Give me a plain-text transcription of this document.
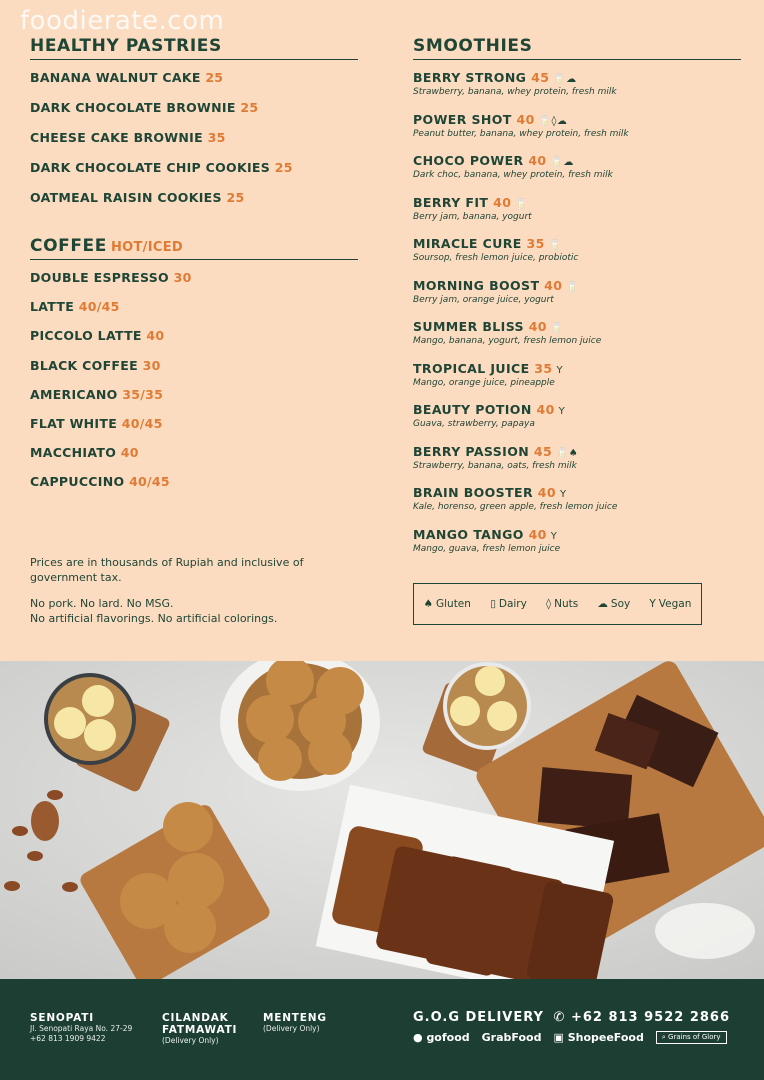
foodierate.com
HEALTHY PASTRIES
BANANA WALNUT CAKE 25
DARK CHOCOLATE BROWNIE 25
CHEESE CAKE BROWNIE 35
DARK CHOCOLATE CHIP COOKIES 25
OATMEAL RAISIN COOKIES 25
COFFEE HOT/ICED
DOUBLE ESPRESSO 30
LATTE 40/45
PICCOLO LATTE 40
BLACK COFFEE 30
AMERICANO 35/35
FLAT WHITE 40/45
MACCHIATO 40
CAPPUCCINO 40/45

Prices are in thousands of Rupiah and inclusive of government tax.

No pork. No lard. No MSG.

No artificial flavorings. No artificial colorings.

SMOOTHIES
BERRY STRONG 45 🥛☁
Strawberry, banana, whey protein, fresh milk
POWER SHOT 40 🥛◊☁
Peanut butter, banana, whey protein, fresh milk
CHOCO POWER 40 🥛☁
Dark choc, banana, whey protein, fresh milk
BERRY FIT 40 🥛
Berry jam, banana, yogurt
MIRACLE CURE 35 🥛
Soursop, fresh lemon juice, probiotic
MORNING BOOST 40 🥛
Berry jam, orange juice, yogurt
SUMMER BLISS 40 🥛
Mango, banana, yogurt, fresh lemon juice
TROPICAL JUICE 35 Y
Mango, orange juice, pineapple
BEAUTY POTION 40 Y
Guava, strawberry, papaya
BERRY PASSION 45 🥛♠
Strawberry, banana, oats, fresh milk
BRAIN BOOSTER 40 Y
Kale, horenso, green apple, fresh lemon juice
MANGO TANGO 40 Y
Mango, guava, fresh lemon juice
♠ Gluten ▯ Dairy ◊ Nuts ☁ Soy Y Vegan
SENOPATI
Jl. Senopati Raya No. 27-29
+62 813 1909 9422
CILANDAK
FATMAWATI
(Delivery Only)
MENTENG
(Delivery Only)
G.O.G DELIVERY ✆ +62 813 9522 2866
● gofood GrabFood ▣ ShopeeFood	⌕ Grains of Glory
